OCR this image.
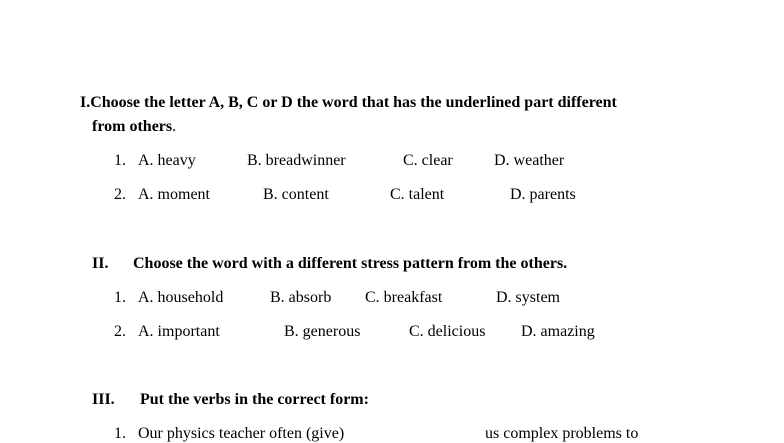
I.Choose the letter A, B, C or D the word that has the underlined part different
from others.
1. A. heavy	B. breadwinner	C. clear	D. weather
2. A. moment	B. content	C. talent	D. parents
II. Choose the word with a different stress pattern from the others.
1. A. household	B. absorb C. breakfast	D. system
2. A. important	B. generous	C. delicious D. amazing
III. Put the verbs in the correct form:
1. Our physics teacher often (give)	us complex problems to
